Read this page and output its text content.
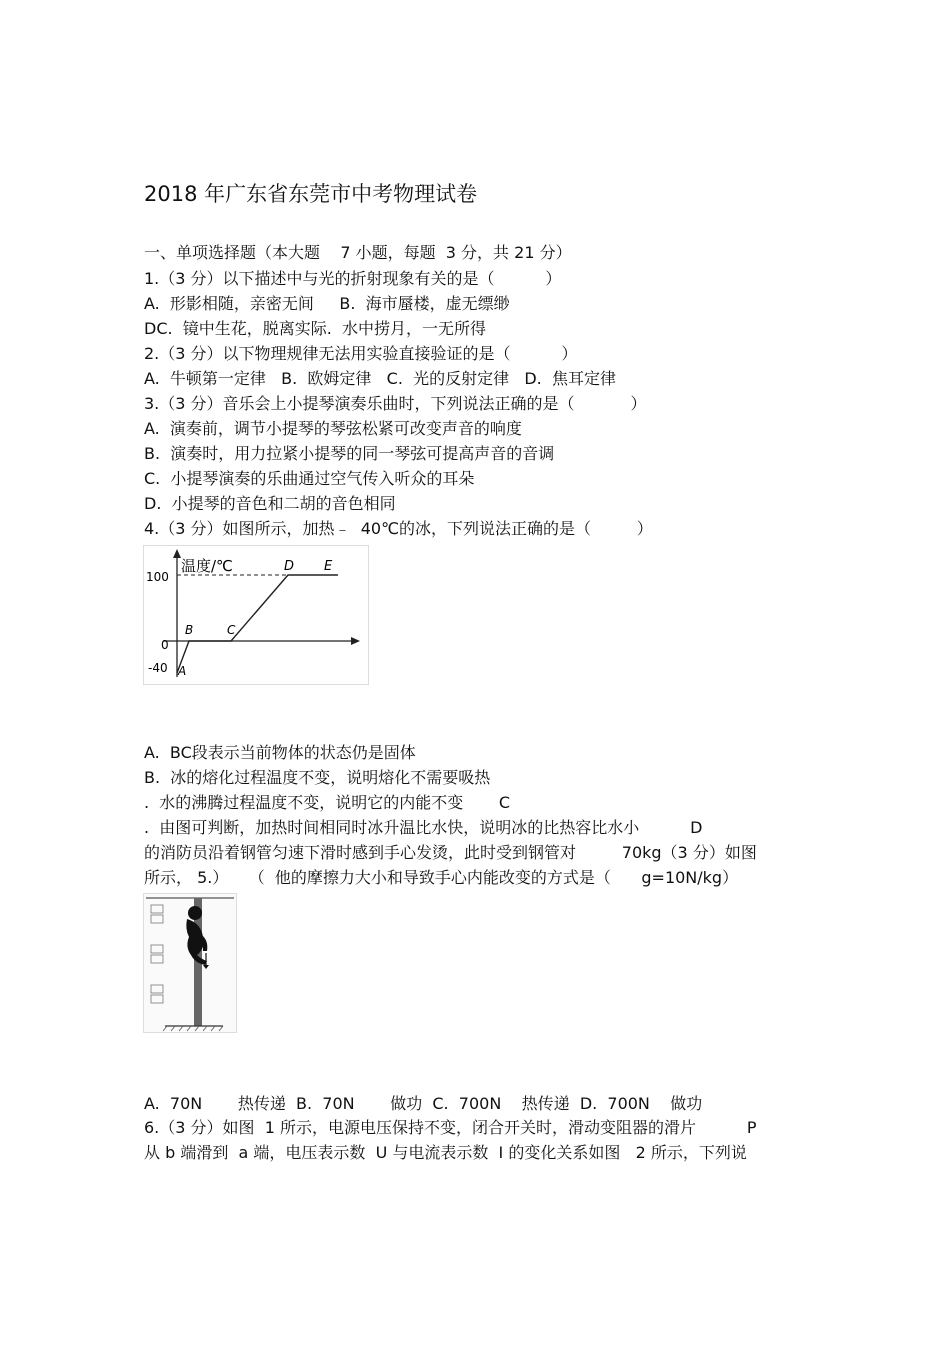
2018 年广东省东莞市中考物理试卷
一、单项选择题（本大题    7 小题，每题  3 分，共 21 分）
1.（3 分）以下描述中与光的折射现象有关的是（          ）
A.  形影相随，亲密无间     B.  海市蜃楼，虚无缥缈
DC.  镜中生花，脱离实际.  水中捞月，一无所得
2.（3 分）以下物理规律无法用实验直接验证的是（          ）
A.  牛顿第一定律   B.  欧姆定律   C.  光的反射定律   D.  焦耳定律
3.（3 分）音乐会上小提琴演奏乐曲时，下列说法正确的是（           ）
A.  演奏前，调节小提琴的琴弦松紧可改变声音的响度
B.  演奏时，用力拉紧小提琴的同一琴弦可提高声音的音调
C.  小提琴演奏的乐曲通过空气传入听众的耳朵
D.  小提琴的音色和二胡的音色相同
4.（3 分）如图所示，加热﹣  40℃的冰，下列说法正确的是（         ）
温度/℃
100
0
-40 A
B	C
D E
A.  BC段表示当前物体的状态仍是固体
B.  冰的熔化过程温度不变，说明熔化不需要吸热
.  水的沸腾过程温度不变，说明它的内能不变       C
.  由图可判断，加热时间相同时冰升温比水快，说明冰的比热容比水小          D
的消防员沿着钢管匀速下滑时感到手心发烫，此时受到钢管对         70kg（3 分）如图
所示， 5.）    （  他的摩擦力大小和导致手心内能改变的方式是（      g=10N/kg）
A.  70N       热传递  B.  70N       做功  C.  700N    热传递  D.  700N    做功
6.（3 分）如图  1 所示，电源电压保持不变，闭合开关时，滑动变阻器的滑片          P
从 b 端滑到  a 端，电压表示数  U 与电流表示数  I 的变化关系如图   2 所示，下列说
